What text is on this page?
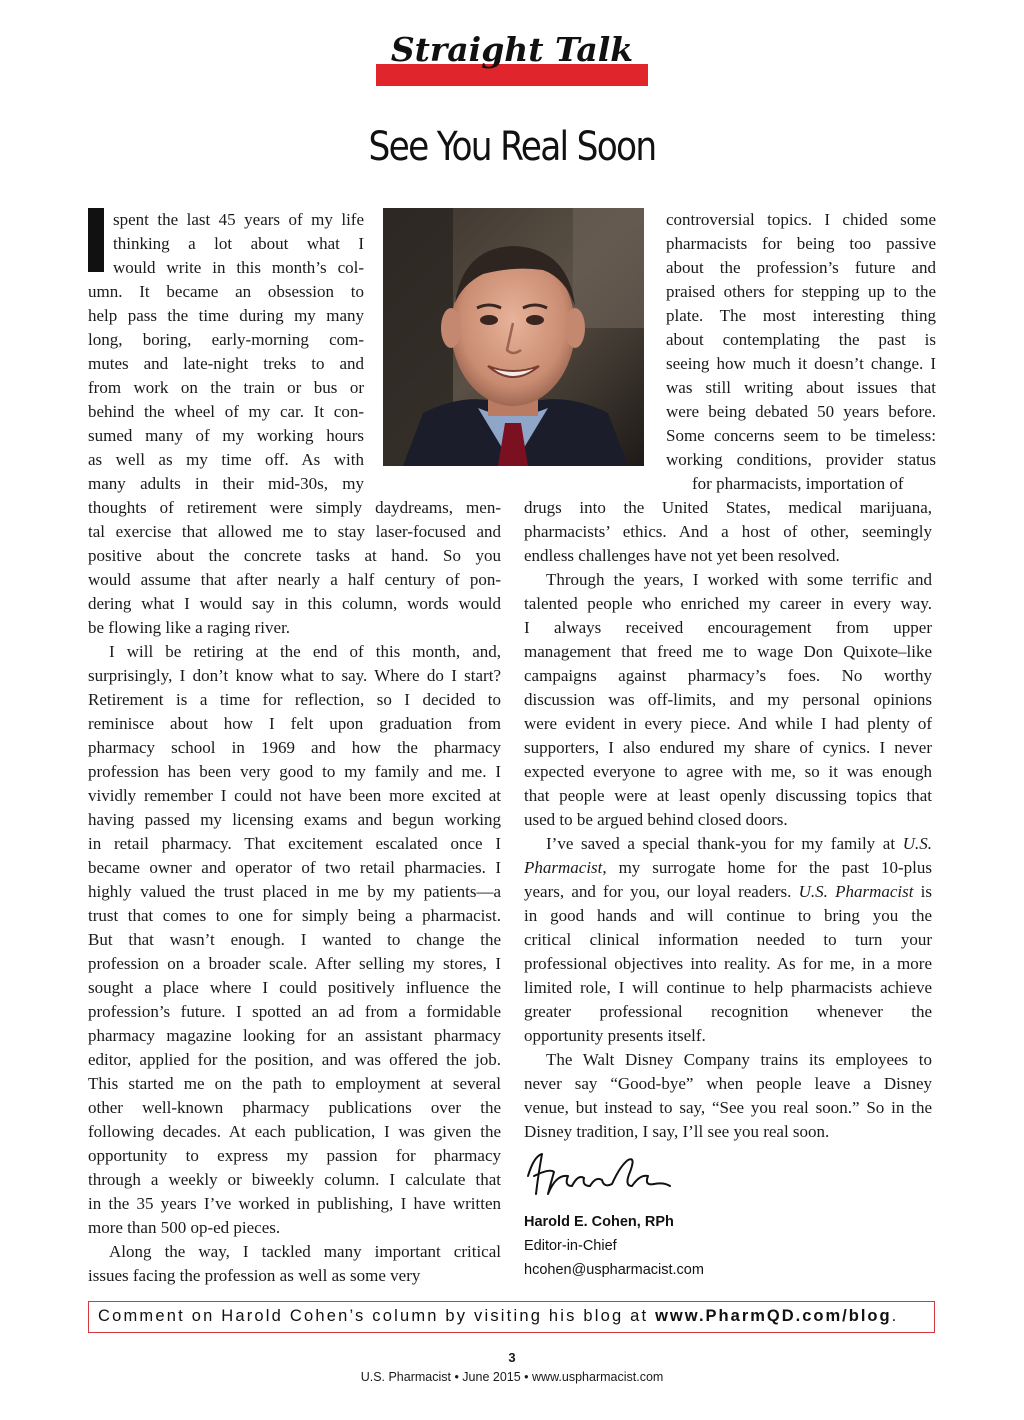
Straight Talk
See You Real Soon
spent the last 45 years of my life
thinking a lot about what I
would write in this month’s col-
umn. It became an obsession to
help pass the time during my many
long, boring, early-morning com-
mutes and late-night treks to and
from work on the train or bus or
behind the wheel of my car. It con-
sumed many of my working hours
as well as my time off. As with
many adults in their mid-30s, my
thoughts of retirement were simply daydreams, men-
tal exercise that allowed me to stay laser-focused and
positive about the concrete tasks at hand. So you
would assume that after nearly a half century of pon-
dering what I would say in this column, words would
be flowing like a raging river.
I will be retiring at the end of this month, and,
surprisingly, I don’t know what to say. Where do I start?
Retirement is a time for reflection, so I decided to
reminisce about how I felt upon graduation from
pharmacy school in 1969 and how the pharmacy
profession has been very good to my family and me. I
vividly remember I could not have been more excited at
having passed my licensing exams and begun working
in retail pharmacy. That excitement escalated once I
became owner and operator of two retail pharmacies. I
highly valued the trust placed in me by my patients—a
trust that comes to one for simply being a pharmacist.
But that wasn’t enough. I wanted to change the
profession on a broader scale. After selling my stores, I
sought a place where I could positively influence the
profession’s future. I spotted an ad from a formidable
pharmacy magazine looking for an assistant pharmacy
editor, applied for the position, and was offered the job.
This started me on the path to employment at several
other well-known pharmacy publications over the
following decades. At each publication, I was given the
opportunity to express my passion for pharmacy
through a weekly or biweekly column. I calculate that
in the 35 years I’ve worked in publishing, I have written
more than 500 op-ed pieces.
Along the way, I tackled many important critical
issues facing the profession as well as some very
controversial topics. I chided some
pharmacists for being too passive
about the profession’s future and
praised others for stepping up to the
plate. The most interesting thing
about contemplating the past is
seeing how much it doesn’t change. I
was still writing about issues that
were being debated 50 years before.
Some concerns seem to be timeless:
working conditions, provider status
for pharmacists, importation of
drugs into the United States, medical marijuana,
pharmacists’ ethics. And a host of other, seemingly
endless challenges have not yet been resolved.
Through the years, I worked with some terrific and
talented people who enriched my career in every way.
I always received encouragement from upper
management that freed me to wage Don Quixote–like
campaigns against pharmacy’s foes. No worthy
discussion was off-limits, and my personal opinions
were evident in every piece. And while I had plenty of
supporters, I also endured my share of cynics. I never
expected everyone to agree with me, so it was enough
that people were at least openly discussing topics that
used to be argued behind closed doors.
I’ve saved a special thank-you for my family at U.S.
Pharmacist, my surrogate home for the past 10-plus
years, and for you, our loyal readers. U.S. Pharmacist is
in good hands and will continue to bring you the
critical clinical information needed to turn your
professional objectives into reality. As for me, in a more
limited role, I will continue to help pharmacists achieve
greater professional recognition whenever the
opportunity presents itself.
The Walt Disney Company trains its employees to
never say “Good-bye” when people leave a Disney
venue, but instead to say, “See you real soon.” So in the
Disney tradition, I say, I’ll see you real soon.
Harold E. Cohen, RPh
Editor-in-Chief
hcohen@uspharmacist.com
Comment on Harold Cohen’s column by visiting his blog at www.PharmQD.com/blog.
3
U.S. Pharmacist • June 2015 • www.uspharmacist.com
